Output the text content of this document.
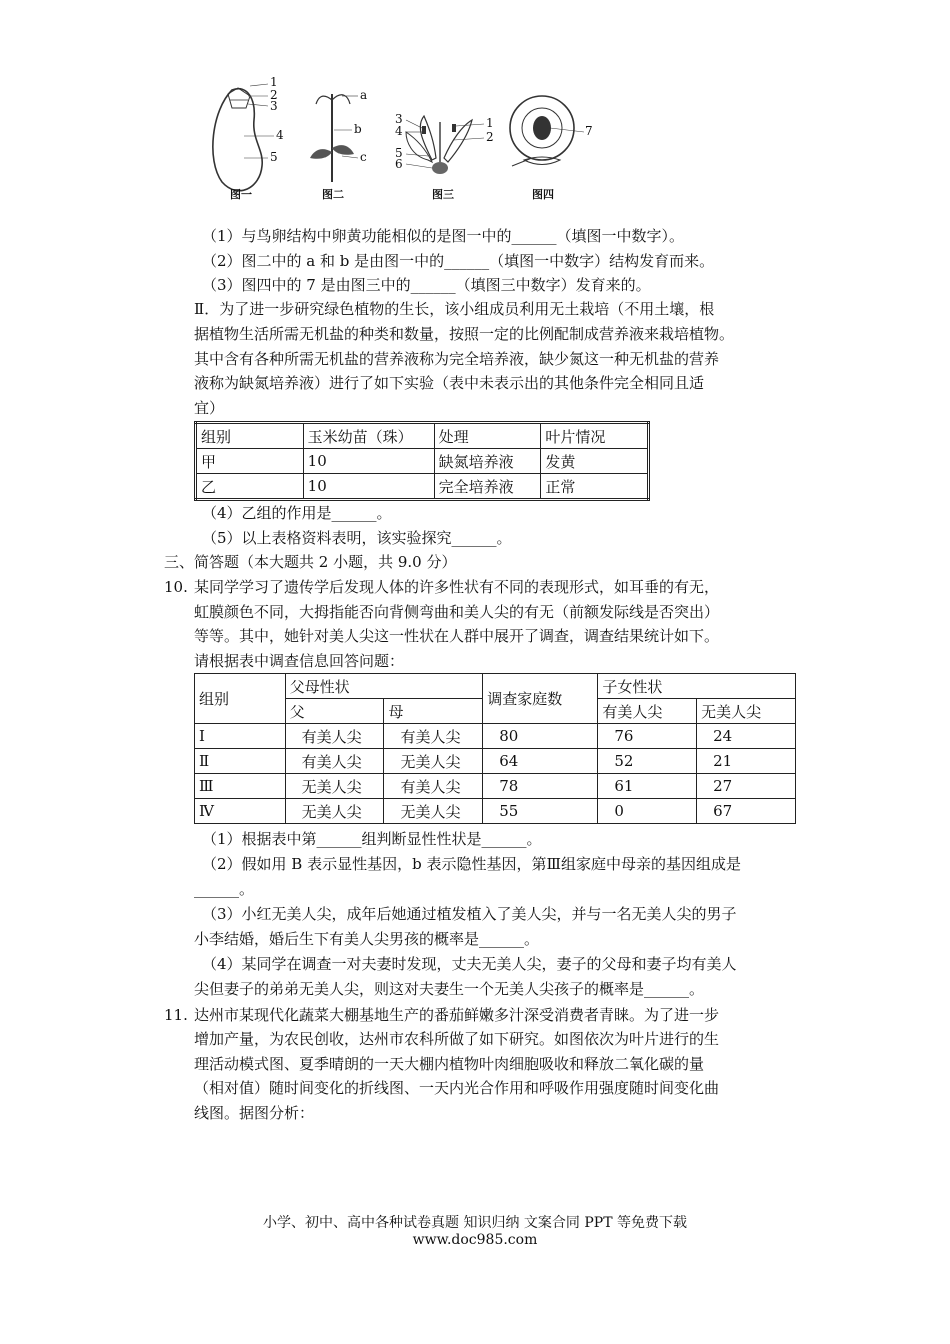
1
2
3
4
5
a
b
c
3
4
5
6
1
2	7
图一	图二	图三	图四
（1）与鸟卵结构中卵黄功能相似的是图一中的______（填图一中数字）。
（2）图二中的 a 和 b 是由图一中的______（填图一中数字）结构发育而来。
（3）图四中的 7 是由图三中的______（填图三中数字）发育来的。
Ⅱ．为了进一步研究绿色植物的生长，该小组成员利用无土栽培（不用土壤，根
据植物生活所需无机盐的种类和数量，按照一定的比例配制成营养液来栽培植物。
其中含有各种所需无机盐的营养液称为完全培养液，缺少氮这一种无机盐的营养
液称为缺氮培养液）进行了如下实验（表中未表示出的其他条件完全相同且适
宜）
组别	玉米幼苗（珠）	处理	叶片情况
甲	10	缺氮培养液	发黄
乙	10	完全培养液	正常
（4）乙组的作用是______。
（5）以上表格资料表明，该实验探究______。
三、简答题（本大题共 2 小题，共 9.0 分）
10. 某同学学习了遗传学后发现人体的许多性状有不同的表现形式，如耳垂的有无，
虹膜颜色不同，大拇指能否向背侧弯曲和美人尖的有无（前额发际线是否突出）
等等。其中，她针对美人尖这一性状在人群中展开了调查，调查结果统计如下。
请根据表中调查信息回答问题：
组别	父母性状		调查家庭数	子女性状	
	父	母		有美人尖	无美人尖
Ⅰ	有美人尖	有美人尖	80	76	24
Ⅱ	有美人尖	无美人尖	64	52	21
Ⅲ	无美人尖	有美人尖	78	61	27
Ⅳ	无美人尖	无美人尖	55	0	67
（1）根据表中第______组判断显性性状是______。
（2）假如用 B 表示显性基因，b 表示隐性基因，第Ⅲ组家庭中母亲的基因组成是
______。
（3）小红无美人尖，成年后她通过植发植入了美人尖，并与一名无美人尖的男子
小李结婚，婚后生下有美人尖男孩的概率是______。
（4）某同学在调查一对夫妻时发现，丈夫无美人尖，妻子的父母和妻子均有美人
尖但妻子的弟弟无美人尖，则这对夫妻生一个无美人尖孩子的概率是______。
11. 达州市某现代化蔬菜大棚基地生产的番茄鲜嫩多汁深受消费者青睐。为了进一步
增加产量，为农民创收，达州市农科所做了如下研究。如图依次为叶片进行的生
理活动模式图、夏季晴朗的一天大棚内植物叶肉细胞吸收和释放二氧化碳的量
（相对值）随时间变化的折线图、一天内光合作用和呼吸作用强度随时间变化曲
线图。据图分析：
小学、初中、高中各种试卷真题 知识归纳 文案合同 PPT 等免费下载
www.doc985.com
